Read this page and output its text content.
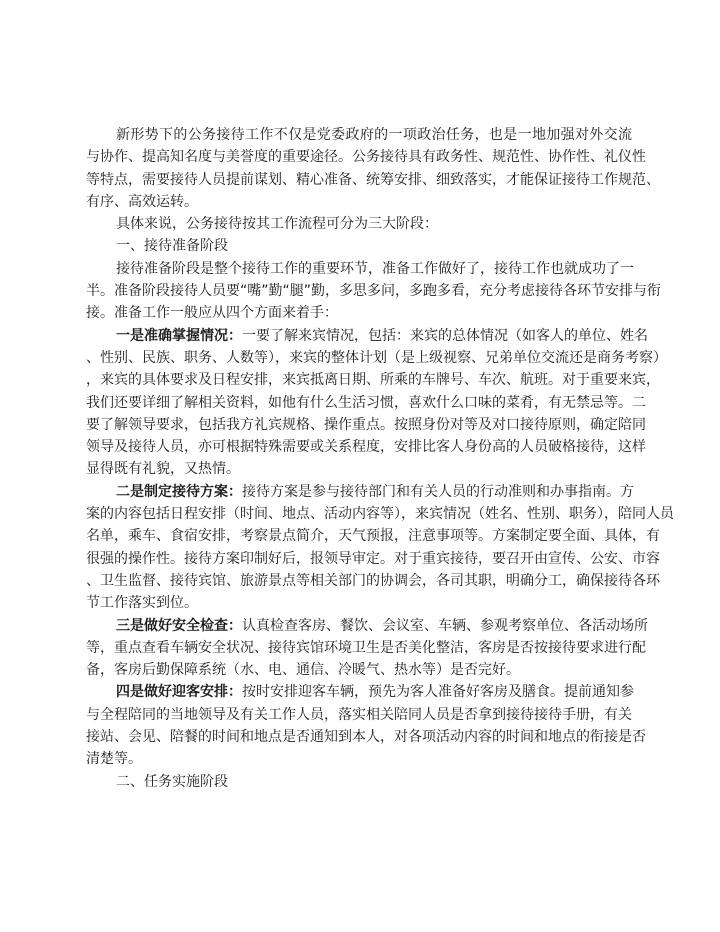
新形势下的公务接待工作不仅是党委政府的一项政治任务，也是一地加强对外交流
与协作、提高知名度与美誉度的重要途径。公务接待具有政务性、规范性、协作性、礼仪性
等特点，需要接待人员提前谋划、精心准备、统筹安排、细致落实，才能保证接待工作规范、
有序、高效运转。
具体来说，公务接待按其工作流程可分为三大阶段：
一、接待准备阶段
接待准备阶段是整个接待工作的重要环节，准备工作做好了，接待工作也就成功了一
半。准备阶段接待人员要“嘴”勤“腿”勤，多思多问，多跑多看，充分考虑接待各环节安排与衔
接。准备工作一般应从四个方面来着手：
一是准确掌握情况：一要了解来宾情况，包括：来宾的总体情况（如客人的单位、姓名
、性别、民族、职务、人数等），来宾的整体计划（是上级视察、兄弟单位交流还是商务考察）
，来宾的具体要求及日程安排，来宾抵离日期、所乘的车牌号、车次、航班。对于重要来宾，
我们还要详细了解相关资料，如他有什么生活习惯，喜欢什么口味的菜肴，有无禁忌等。二
要了解领导要求，包括我方礼宾规格、操作重点。按照身份对等及对口接待原则，确定陪同
领导及接待人员，亦可根据特殊需要或关系程度，安排比客人身份高的人员破格接待，这样
显得既有礼貌，又热情。
二是制定接待方案：接待方案是参与接待部门和有关人员的行动准则和办事指南。方
案的内容包括日程安排（时间、地点、活动内容等），来宾情况（姓名、性别、职务），陪同人员
名单，乘车、食宿安排，考察景点简介，天气预报，注意事项等。方案制定要全面、具体，有
很强的操作性。接待方案印制好后，报领导审定。对于重宾接待，要召开由宣传、公安、市容
、卫生监督、接待宾馆、旅游景点等相关部门的协调会，各司其职，明确分工，确保接待各环
节工作落实到位。
三是做好安全检查：认真检查客房、餐饮、会议室、车辆、参观考察单位、各活动场所
等，重点查看车辆安全状况、接待宾馆环境卫生是否美化整洁，客房是否按接待要求进行配
备，客房后勤保障系统（水、电、通信、冷暖气、热水等）是否完好。
四是做好迎客安排：按时安排迎客车辆，预先为客人准备好客房及膳食。提前通知参
与全程陪同的当地领导及有关工作人员，落实相关陪同人员是否拿到接待接待手册，有关
接站、会见、陪餐的时间和地点是否通知到本人，对各项活动内容的时间和地点的衔接是否
清楚等。
二、任务实施阶段
